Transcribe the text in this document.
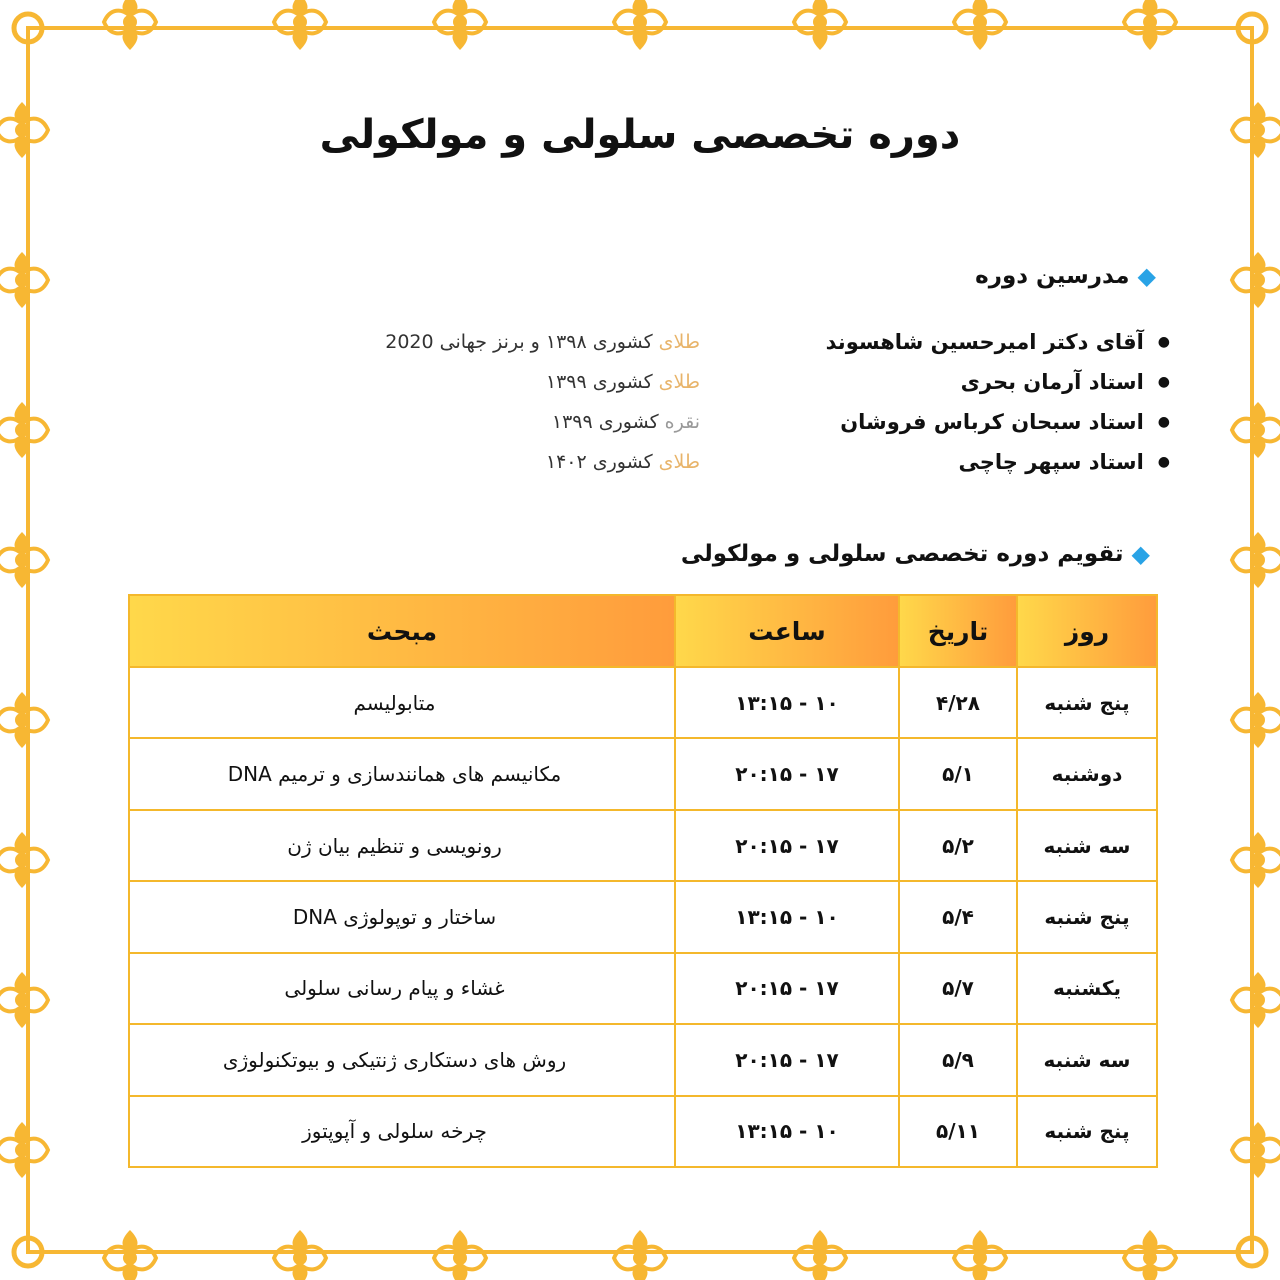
دوره تخصصی سلولی و مولکولی
◆
مدرسین دوره
●
آقای دکتر امیرحسین شاهسوند
طلای کشوری ۱۳۹۸ و برنز جهانی 2020
●
استاد آرمان بحری
طلای کشوری ۱۳۹۹
●
استاد سبحان کرباس فروشان
نقره کشوری ۱۳۹۹
●
استاد سپهر چاچی
طلای کشوری ۱۴۰۲
◆
تقویم دوره تخصصی سلولی و مولکولی
روز	تاریخ	ساعت	مبحث
پنج شنبه	۴/۲۸	۱۰ - ۱۳:۱۵	متابولیسم
دوشنبه	۵/۱	۱۷ - ۲۰:۱۵	مکانیسم های همانندسازی و ترمیم DNA
سه شنبه	۵/۲	۱۷ - ۲۰:۱۵	رونویسی و تنظیم بیان ژن
پنج شنبه	۵/۴	۱۰ - ۱۳:۱۵	ساختار و توپولوژی DNA
یکشنبه	۵/۷	۱۷ - ۲۰:۱۵	غشاء و پیام رسانی سلولی
سه شنبه	۵/۹	۱۷ - ۲۰:۱۵	روش های دستکاری ژنتیکی و بیوتکنولوژی
پنج شنبه	۵/۱۱	۱۰ - ۱۳:۱۵	چرخه سلولی و آپوپتوز
